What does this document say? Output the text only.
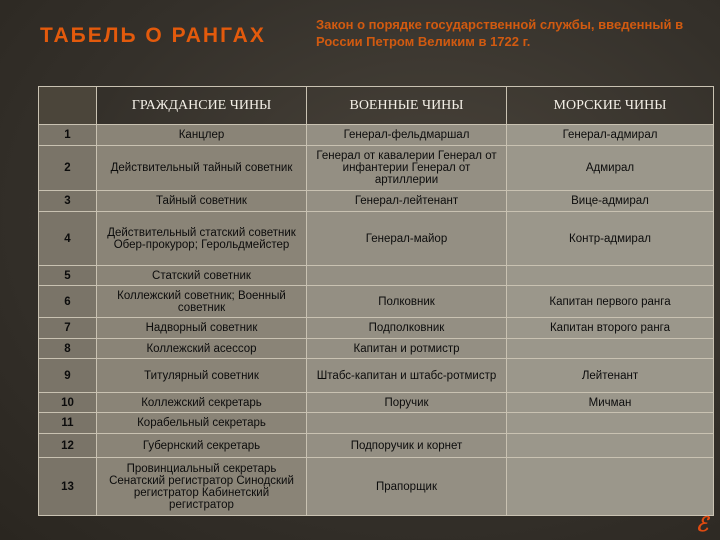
ТАБЕЛЬ О РАНГАХ	Закон о порядке государственной службы, введенный в России Петром Великим в 1722 г.
	ГРАЖДАНСИЕ ЧИНЫ	ВОЕННЫЕ ЧИНЫ	МОРСКИЕ ЧИНЫ
1	Канцлер	Генерал-фельдмаршал	Генерал-адмирал
2	Действительный тайный советник	Генерал от кавалерии Генерал от инфантерии Генерал от артиллерии	Адмирал
3	Тайный советник	Генерал-лейтенант	Вице-адмирал
4	Действительный статский советник Обер-прокурор; Герольдмейстер	Генерал-майор	Контр-адмирал
5	Статский советник		
6	Коллежский советник; Военный советник	Полковник	Капитан первого ранга
7	Надворный советник	Подполковник	Капитан второго ранга
8	Коллежский асессор	Капитан и ротмистр	
9	Титулярный советник	Штабс-капитан и штабс-ротмистр	Лейтенант
10	Коллежский секретарь	Поручик	Мичман
11	Корабельный секретарь		
12	Губернский секретарь	Подпоручик и корнет	
13	Провинциальный секретарь Сенатский регистратор Синодский регистратор Кабинетский регистратор	Прапорщик	
ℰ
